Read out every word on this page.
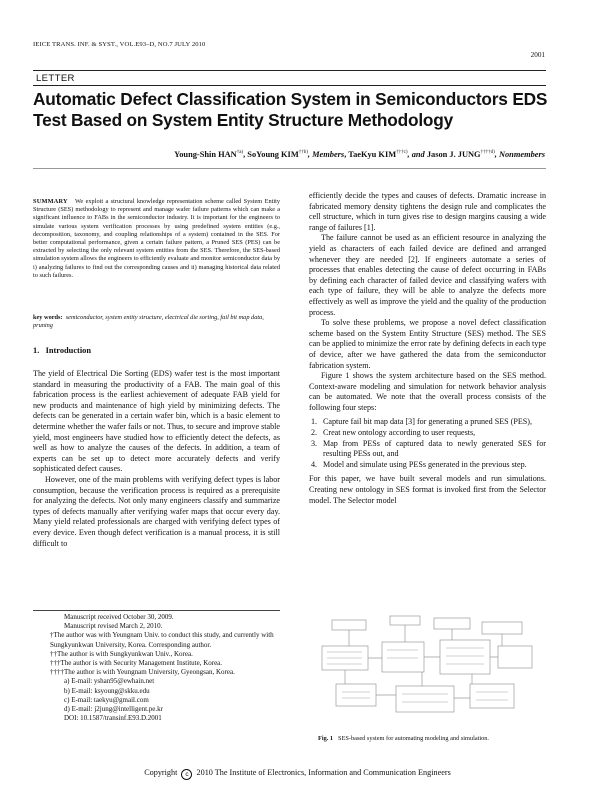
IEICE TRANS. INF. & SYST., VOL.E93–D, NO.7 JULY 2010
2001
LETTER
Automatic Defect Classification System in Semiconductors EDS Test Based on System Entity Structure Methodology
Young-Shin HAN$^{\dagger a)}$, SoYoung KIM$^{\dagger\dagger b)}$, Members, TaeKyu KIM$^{\dagger\dagger\dagger c)}$, and Jason J. JUNG$^{\dagger\dagger\dagger\dagger d)}$, Nonmembers
SUMMARY We exploit a structural knowledge representation scheme called System Entity Structure (SES) methodology to represent and manage wafer failure patterns which can make a significant influence to FABs in the semiconductor industry. It is important for the engineers to simulate various system verification processes by using predefined system entities (e.g., decomposition, taxonomy, and coupling relationships of a system) contained in the SES. For better computational performance, given a certain failure pattern, a Pruned SES (PES) can be extracted by selecting the only relevant system entities from the SES. Therefore, the SES-based simulation system allows the engineers to efficiently evaluate and monitor semiconductor data by i) analyzing failures to find out the corresponding causes and ii) managing historical data related to such failures.
key words: semiconductor, system entity structure, electrical die sorting, fail bit map data, pruning
1.   Introduction

The yield of Electrical Die Sorting (EDS) wafer test is the most important standard in measuring the productivity of a FAB. The main goal of this fabrication process is the earliest achievement of adequate FAB yield for new products and maintenance of high yield by minimizing defects. The defects can be generated in a certain wafer bin, which is a basic element to determine whether the wafer fails or not. Thus, to secure and improve stable yield, most engineers have studied how to efficiently detect the defects, as well as how to analyze the causes of the defects. In addition, a team of experts can be set up to detect more accurately defects and verify sophisticated defect causes.

However, one of the main problems with verifying defect types is labor consumption, because the verification process is required as a prerequisite for analyzing the defects. Not only many engineers classify and summarize types of defects manually after verifying wafer maps that occur every day. Many yield related professionals are charged with verifying defect types of every device. Even though defect verification is a manual process, it is still difficult to

Manuscript received October 30, 2009.

Manuscript revised March 2, 2010.

†The author was with Yeungnam Univ. to conduct this study, and currently with Sungkyunkwan University, Korea. Corresponding author.

††The author is with Sungkyunkwan Univ., Korea.

†††The author is with Security Management Institute, Korea.

††††The author is with Yeungnam University, Gyeongsan, Korea.

a) E-mail: yshan95@ewhain.net

b) E-mail: ksyoung@skku.edu

c) E-mail: taekyu@gmail.com

d) E-mail: j2jung@intelligent.pe.kr

DOI: 10.1587/transinf.E93.D.2001

efficiently decide the types and causes of defects. Dramatic increase in fabricated memory density tightens the design rule and complicates the cell structure, which in turn gives rise to design margins causing a wide range of failures [1].

The failure cannot be used as an efficient resource in analyzing the yield as characters of each failed device are defined and arranged whenever they are needed [2]. If engineers automate a series of processes that enables detecting the cause of defect occurring in FABs by defining each character of failed device and classifying wafers with each type of failure, they will be able to analyze the defects more effectively as well as improve the yield and the quality of the production process.

To solve these problems, we propose a novel defect classification scheme based on the System Entity Structure (SES) method. The SES can be applied to minimize the error rate by defining defects in each type of device, after we have gathered the data from the semiconductor fabrication system.

Figure 1 shows the system architecture based on the SES method. Context-aware modeling and simulation for network behavior analysis can be automated. We note that the overall process consists of the following four steps:

1. Capture fail bit map data [3] for generating a pruned SES (PES),
2. Creat new ontology according to user requests,
3. Map from PESs of captured data to newly generated SES for resulting PESs out, and
4. Model and simulate using PESs generated in the previous step.

For this paper, we have built several models and run simulations. Creating new ontology in SES format is invoked first from the Selector model. The Selector model

Fig. 1 SES-based system for automating modeling and simulation.
Copyright c 2010 The Institute of Electronics, Information and Communication Engineers
